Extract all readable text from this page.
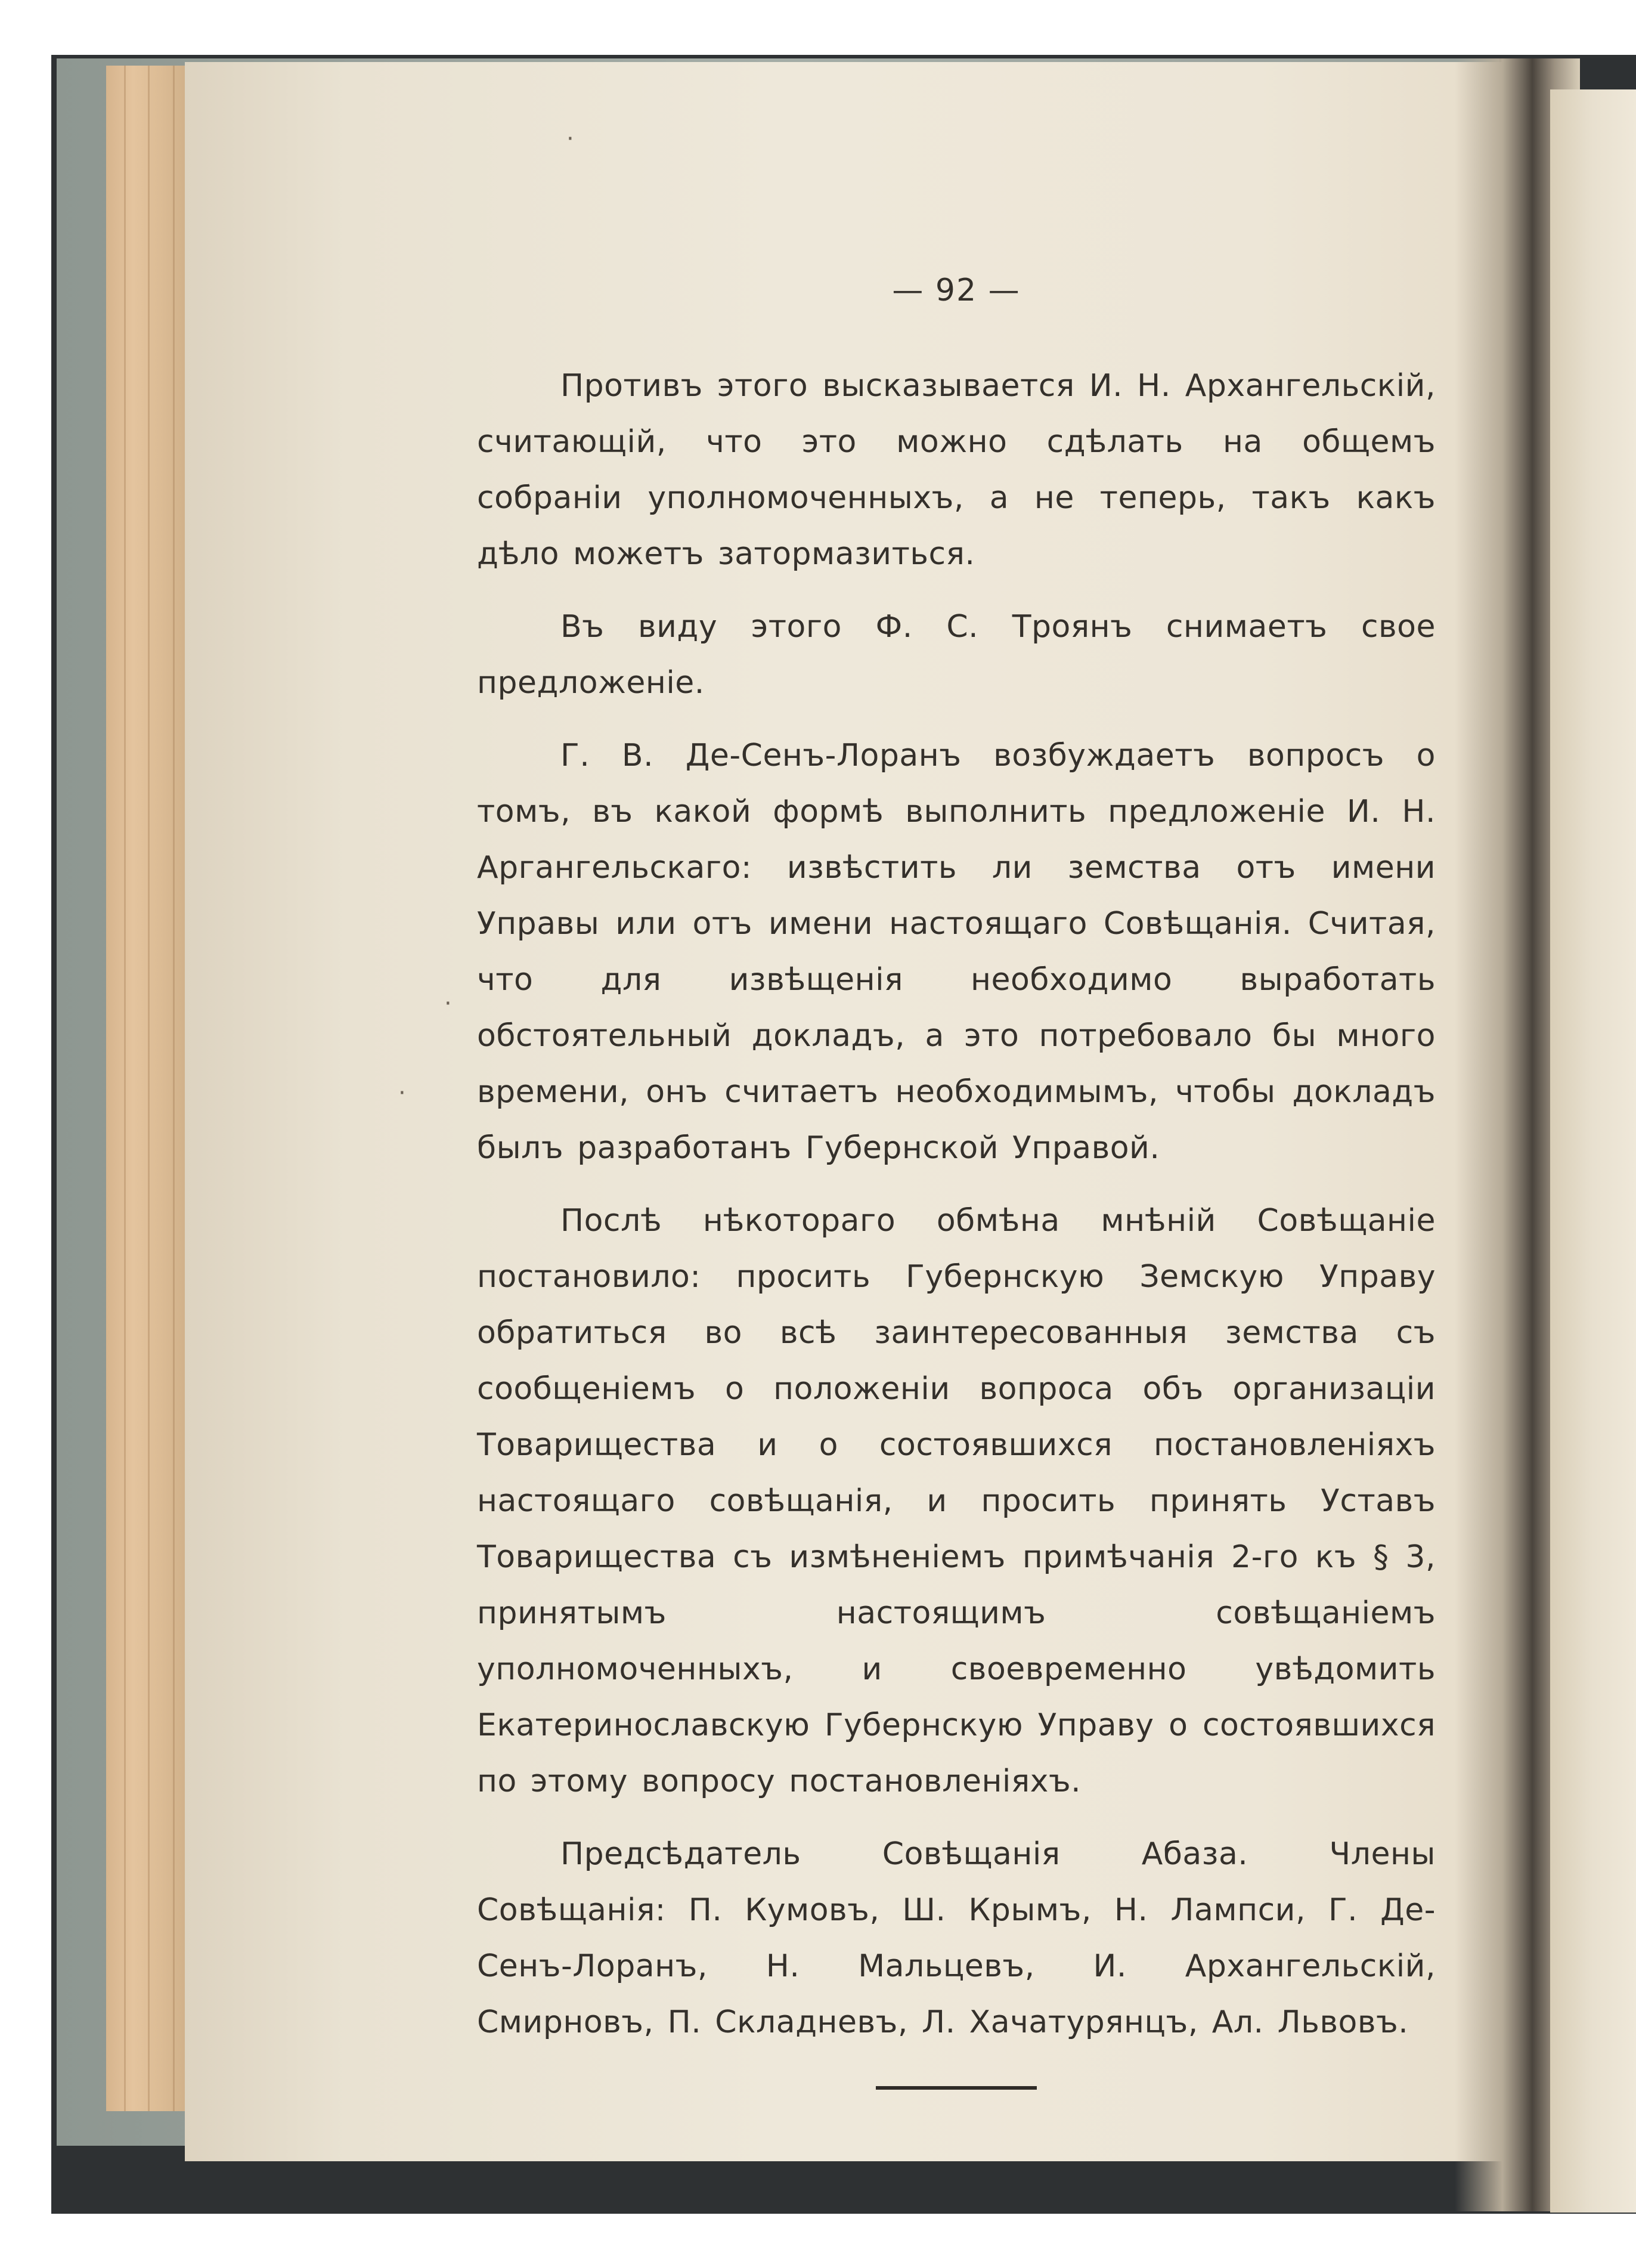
·
·
·
— 92 —

Противъ этого высказывается И. Н. Архангельскій, считающій, что это можно сдѣлать на общемъ собраніи уполномоченныхъ, а не теперь, такъ какъ дѣло можетъ затормазиться.

Въ виду этого Ф. С. Троянъ снимаетъ свое предложеніе.

Г. В. Де-Сенъ-Лоранъ возбуждаетъ вопросъ о томъ, въ какой формѣ выполнить предложеніе И. Н. Аргангельскаго: извѣстить ли земства отъ имени Управы или отъ имени настоящаго Совѣщанія. Считая, что для извѣщенія необходимо выработать обстоятельный докладъ, а это потребовало бы много времени, онъ считаетъ необходимымъ, чтобы докладъ былъ разработанъ Губернской Управой.

Послѣ нѣкотораго обмѣна мнѣній Совѣщаніе постановило: просить Губернскую Земскую Управу обратиться во всѣ заинтересованныя земства съ сообщеніемъ о положеніи вопроса объ организаціи Товарищества и о состоявшихся постановленіяхъ настоящаго совѣщанія, и просить принять Уставъ Товарищества съ измѣненіемъ примѣчанія 2-го къ § 3, принятымъ настоящимъ совѣщаніемъ уполномоченныхъ, и своевременно увѣдомить Екатеринославскую Губернскую Управу о состоявшихся по этому вопросу постановленіяхъ.

Предсѣдатель Совѣщанія Абаза. Члены Совѣщанія: П. Кумовъ, Ш. Крымъ, Н. Лампси, Г. Де-Сенъ-Лоранъ, Н. Мальцевъ, И. Архангельскій, Смирновъ, П. Складневъ, Л. Хачатурянцъ, Ал. Львовъ.
